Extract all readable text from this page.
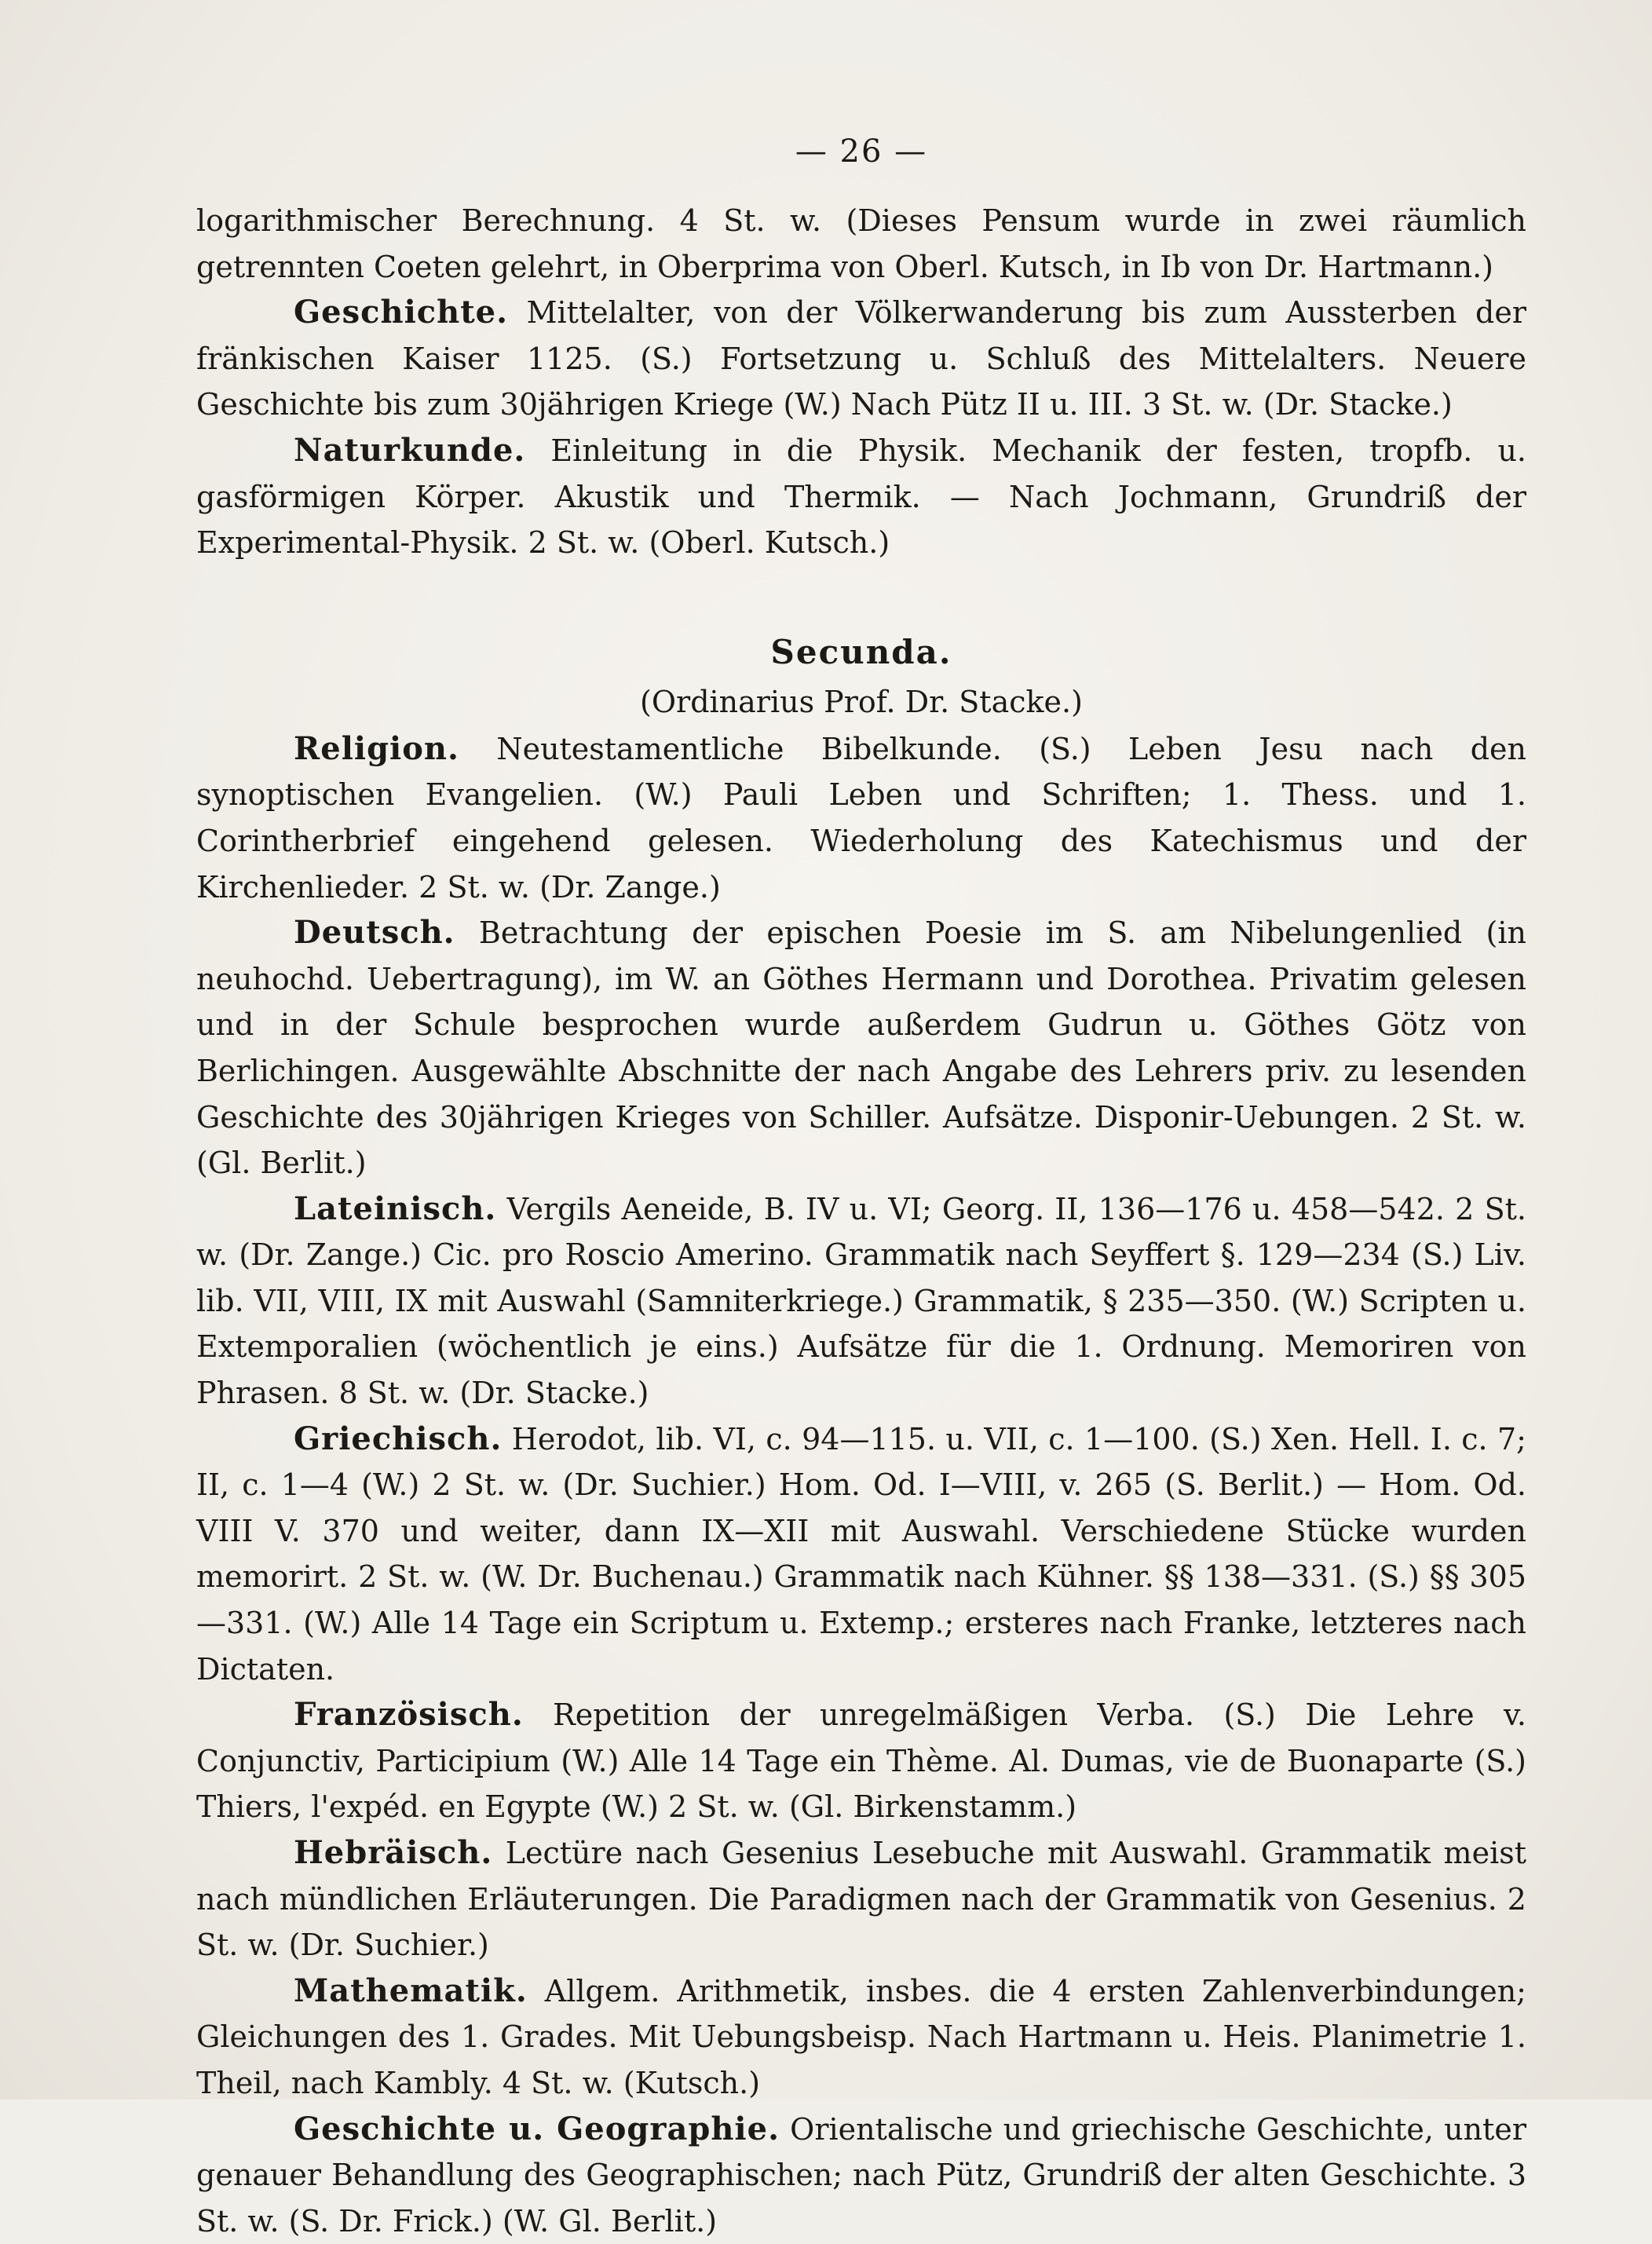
— 26 —

logarithmischer Berechnung. 4 St. w. (Dieses Pensum wurde in zwei räumlich getrennten Coeten gelehrt, in Oberprima von Oberl. Kutsch, in Ib von Dr. Hartmann.)

Geschichte. Mittelalter, von der Völkerwanderung bis zum Aussterben der fränkischen Kaiser 1125. (S.) Fortsetzung u. Schluß des Mittelalters. Neuere Geschichte bis zum 30jährigen Kriege (W.) Nach Pütz II u. III. 3 St. w. (Dr. Stacke.)

Naturkunde. Einleitung in die Physik. Mechanik der festen, tropfb. u. gasförmigen Körper. Akustik und Thermik. — Nach Jochmann, Grundriß der Experimental-Physik. 2 St. w. (Oberl. Kutsch.)

Secunda.
(Ordinarius Prof. Dr. Stacke.)

Religion. Neutestamentliche Bibelkunde. (S.) Leben Jesu nach den synoptischen Evangelien. (W.) Pauli Leben und Schriften; 1. Thess. und 1. Corintherbrief eingehend gelesen. Wiederholung des Katechismus und der Kirchenlieder. 2 St. w. (Dr. Zange.)

Deutsch. Betrachtung der epischen Poesie im S. am Nibelungenlied (in neuhochd. Uebertragung), im W. an Göthes Hermann und Dorothea. Privatim gelesen und in der Schule besprochen wurde außerdem Gudrun u. Göthes Götz von Berlichingen. Ausgewählte Abschnitte der nach Angabe des Lehrers priv. zu lesenden Geschichte des 30jährigen Krieges von Schiller. Aufsätze. Disponir-Uebungen. 2 St. w. (Gl. Berlit.)

Lateinisch. Vergils Aeneide, B. IV u. VI; Georg. II, 136—176 u. 458—542. 2 St. w. (Dr. Zange.) Cic. pro Roscio Amerino. Grammatik nach Seyffert §. 129—234 (S.) Liv. lib. VII, VIII, IX mit Auswahl (Samniterkriege.) Grammatik, § 235—350. (W.) Scripten u. Extemporalien (wöchentlich je eins.) Aufsätze für die 1. Ordnung. Memoriren von Phrasen. 8 St. w. (Dr. Stacke.)

Griechisch. Herodot, lib. VI, c. 94—115. u. VII, c. 1—100. (S.) Xen. Hell. I. c. 7; II, c. 1—4 (W.) 2 St. w. (Dr. Suchier.) Hom. Od. I—VIII, v. 265 (S. Berlit.) — Hom. Od. VIII V. 370 und weiter, dann IX—XII mit Auswahl. Verschiedene Stücke wurden memorirt. 2 St. w. (W. Dr. Buchenau.) Grammatik nach Kühner. §§ 138—331. (S.) §§ 305—331. (W.) Alle 14 Tage ein Scriptum u. Extemp.; ersteres nach Franke, letzteres nach Dictaten.

Französisch. Repetition der unregelmäßigen Verba. (S.) Die Lehre v. Conjunctiv, Participium (W.) Alle 14 Tage ein Thème. Al. Dumas, vie de Buonaparte (S.) Thiers, l'expéd. en Egypte (W.) 2 St. w. (Gl. Birkenstamm.)

Hebräisch. Lectüre nach Gesenius Lesebuche mit Auswahl. Grammatik meist nach mündlichen Erläuterungen. Die Paradigmen nach der Grammatik von Gesenius. 2 St. w. (Dr. Suchier.)

Mathematik. Allgem. Arithmetik, insbes. die 4 ersten Zahlenverbindungen; Gleichungen des 1. Grades. Mit Uebungsbeisp. Nach Hartmann u. Heis. Planimetrie 1. Theil, nach Kambly. 4 St. w. (Kutsch.)

Geschichte u. Geographie. Orientalische und griechische Geschichte, unter genauer Behandlung des Geographischen; nach Pütz, Grundriß der alten Geschichte. 3 St. w. (S. Dr. Frick.) (W. Gl. Berlit.)
